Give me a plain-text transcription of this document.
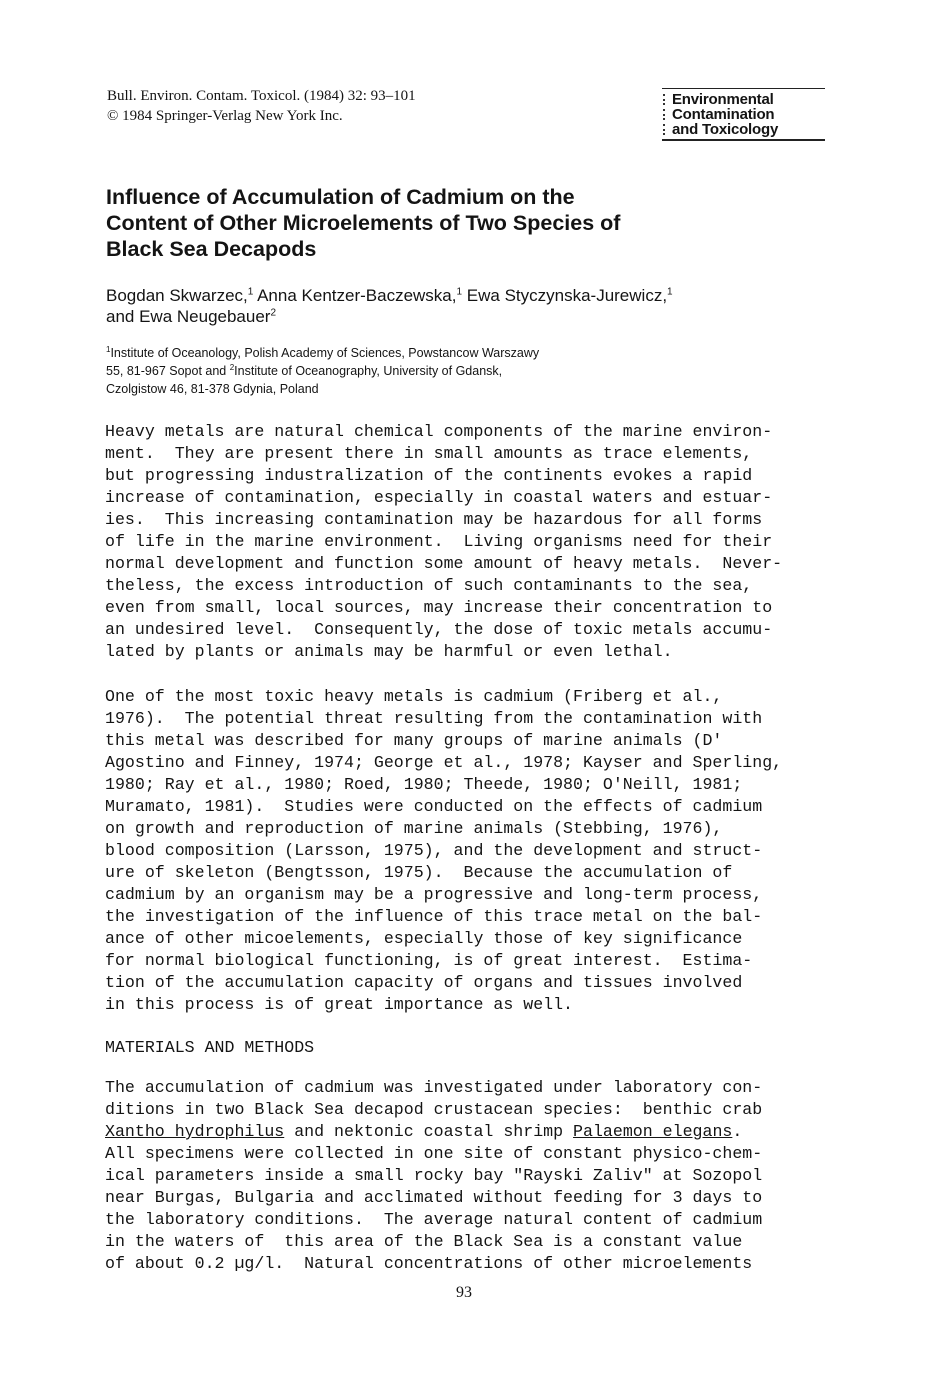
Bull. Environ. Contam. Toxicol. (1984) 32: 93–101
© 1984 Springer-Verlag New York Inc.
Environmental
Contamination
and Toxicology
Influence of Accumulation of Cadmium on the
Content of Other Microelements of Two Species of
Black Sea Decapods
Bogdan Skwarzec,$^1$ Anna Kentzer-Baczewska,$^1$ Ewa Styczynska-Jurewicz,$^1$
and Ewa Neugebauer$^2$
$^1$Institute of Oceanology, Polish Academy of Sciences, Powstancow Warszawy
55, 81-967 Sopot and $^2$Institute of Oceanography, University of Gdansk,
Czolgistow 46, 81-378 Gdynia, Poland
Heavy metals are natural chemical components of the marine environ-
ment.  They are present there in small amounts as trace elements,
but progressing industralization of the continents evokes a rapid
increase of contamination, especially in coastal waters and estuar-
ies.  This increasing contamination may be hazardous for all forms
of life in the marine environment.  Living organisms need for their
normal development and function some amount of heavy metals.  Never-
theless, the excess introduction of such contaminants to the sea,
even from small, local sources, may increase their concentration to
an undesired level.  Consequently, the dose of toxic metals accumu-
lated by plants or animals may be harmful or even lethal.
One of the most toxic heavy metals is cadmium (Friberg et al.,
1976).  The potential threat resulting from the contamination with
this metal was described for many groups of marine animals (D'
Agostino and Finney, 1974; George et al., 1978; Kayser and Sperling,
1980; Ray et al., 1980; Roed, 1980; Theede, 1980; O'Neill, 1981;
Muramato, 1981).  Studies were conducted on the effects of cadmium
on growth and reproduction of marine animals (Stebbing, 1976),
blood composition (Larsson, 1975), and the development and struct-
ure of skeleton (Bengtsson, 1975).  Because the accumulation of
cadmium by an organism may be a progressive and long-term process,
the investigation of the influence of this trace metal on the bal-
ance of other micoelements, especially those of key significance
for normal biological functioning, is of great interest.  Estima-
tion of the accumulation capacity of organs and tissues involved
in this process is of great importance as well.
MATERIALS AND METHODS
The accumulation of cadmium was investigated under laboratory con-
ditions in two Black Sea decapod crustacean species:  benthic crab
Xantho hydrophilus and nektonic coastal shrimp Palaemon elegans.
All specimens were collected in one site of constant physico-chem-
ical parameters inside a small rocky bay "Rayski Zaliv" at Sozopol
near Burgas, Bulgaria and acclimated without feeding for 3 days to
the laboratory conditions.  The average natural content of cadmium
in the waters of  this area of the Black Sea is a constant value
of about 0.2 µg/l.  Natural concentrations of other microelements
93
